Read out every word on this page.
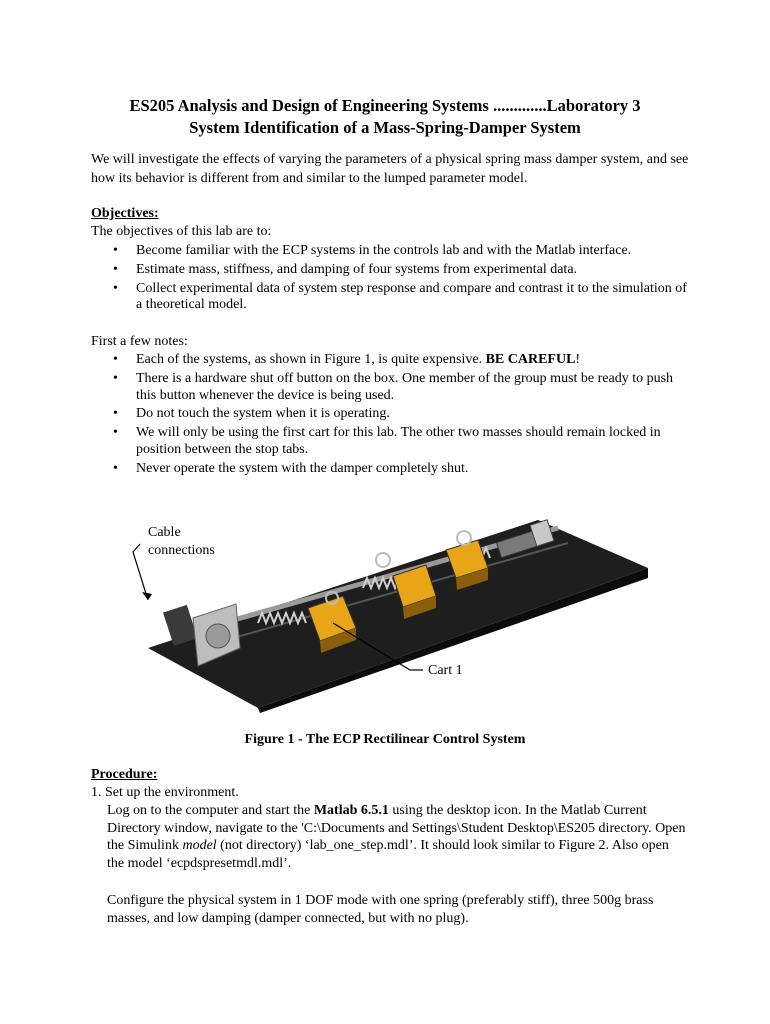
ES205 Analysis and Design of Engineering Systems .............Laboratory 3
System Identification of a Mass-Spring-Damper System

We will investigate the effects of varying the parameters of a physical spring mass damper system, and see how its behavior is different from and similar to the lumped parameter model.

Objectives:
The objectives of this lab are to:
• Become familiar with the ECP systems in the controls lab and with the Matlab interface.
• Estimate mass, stiffness, and damping of four systems from experimental data.
• Collect experimental data of system step response and compare and contrast it to the simulation of a theoretical model.
First a few notes:
• Each of the systems, as shown in Figure 1, is quite expensive. BE CAREFUL!
• There is a hardware shut off button on the box. One member of the group must be ready to push this button whenever the device is being used.
• Do not touch the system when it is operating.
• We will only be using the first cart for this lab. The other two masses should remain locked in position between the stop tabs.
• Never operate the system with the damper completely shut.
Cable
connections
Cart 1
Figure 1 - The ECP Rectilinear Control System
Procedure:
1. Set up the environment.

Log on to the computer and start the Matlab 6.5.1 using the desktop icon. In the Matlab Current Directory window, navigate to the 'C:\Documents and Settings\Student Desktop\ES205 directory. Open the Simulink model (not directory) ‘lab_one_step.mdl’. It should look similar to Figure 2. Also open the model ‘ecpdspresetmdl.mdl’.

Configure the physical system in 1 DOF mode with one spring (preferably stiff), three 500g brass masses, and low damping (damper connected, but with no plug).
